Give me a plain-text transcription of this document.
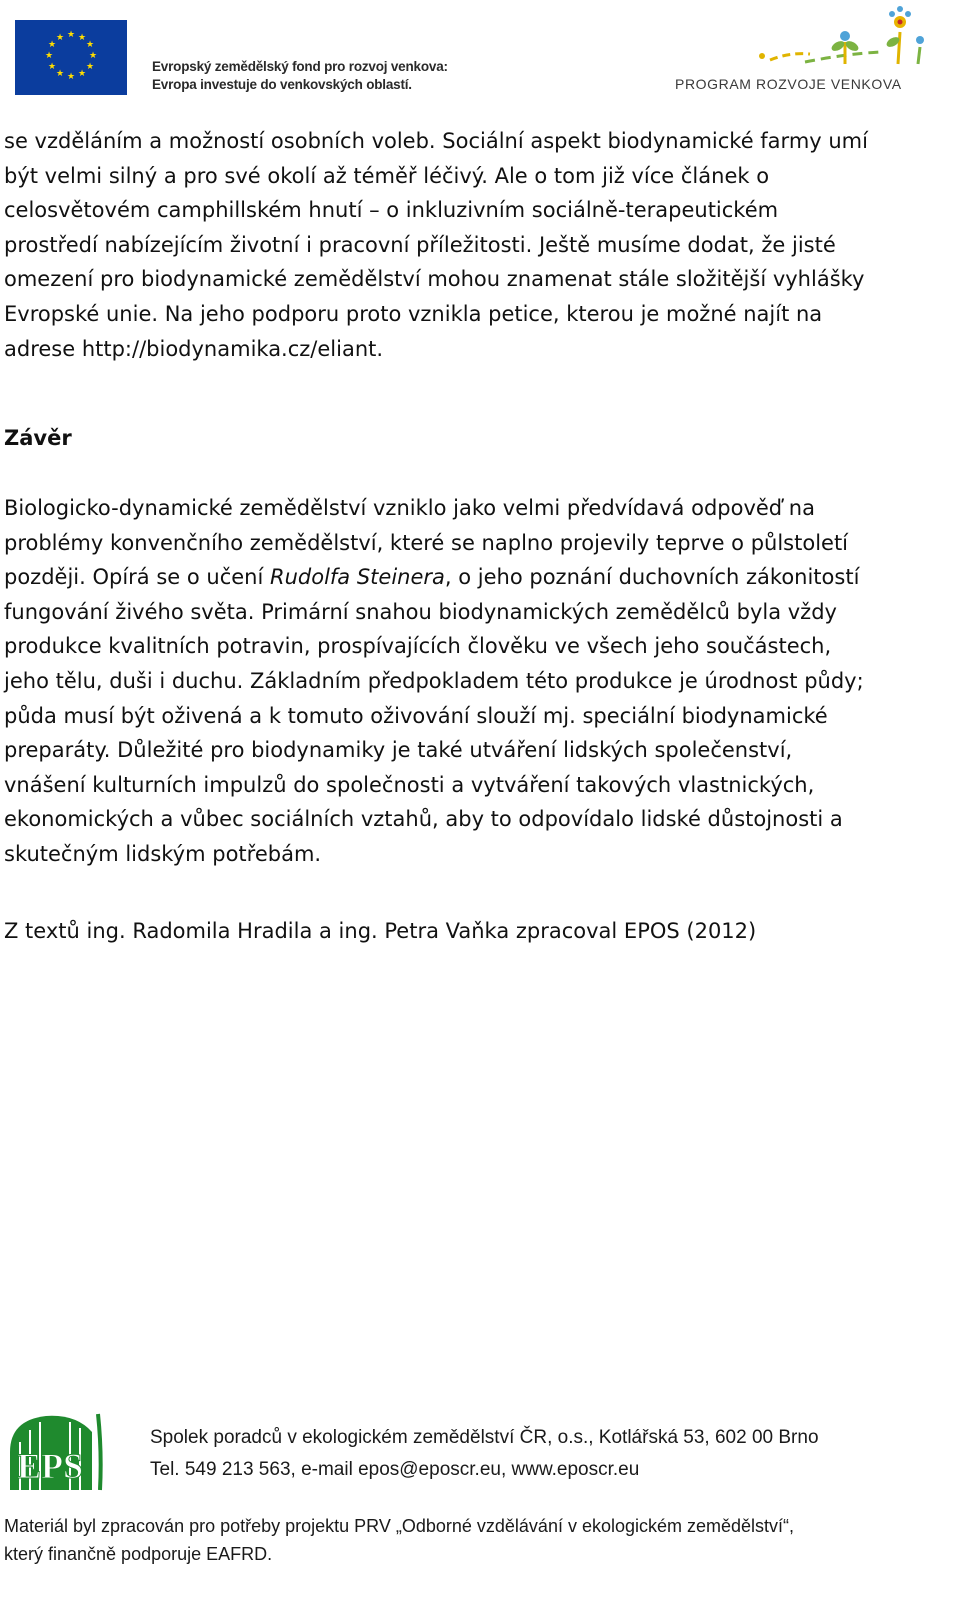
★ ★
★
★
★
★
★
★
★
★
★
★
Evropský zemědělský fond pro rozvoj venkova:
Evropa investuje do venkovských oblastí.	PROGRAM ROZVOJE VENKOVA

se vzděláním a možností osobních voleb. Sociální aspekt biodynamické farmy umí
být velmi silný a pro své okolí až téměř léčivý. Ale o tom již více článek o
celosvětovém camphillském hnutí – o inkluzivním sociálně-terapeutickém
prostředí nabízejícím životní i pracovní příležitosti. Ještě musíme dodat, že jisté
omezení pro biodynamické zemědělství mohou znamenat stále složitější vyhlášky
Evropské unie. Na jeho podporu proto vznikla petice, kterou je možné najít na
adrese http://biodynamika.cz/eliant.

Závěr

Biologicko-dynamické zemědělství vzniklo jako velmi předvídavá odpověď na
problémy konvenčního zemědělství, které se naplno projevily teprve o půlstoletí
později. Opírá se o učení Rudolfa Steinera, o jeho poznání duchovních zákonitostí
fungování živého světa. Primární snahou biodynamických zemědělců byla vždy
produkce kvalitních potravin, prospívajících člověku ve všech jeho součástech,
jeho tělu, duši i duchu. Základním předpokladem této produkce je úrodnost půdy;
půda musí být oživená a k tomuto oživování slouží mj. speciální biodynamické
preparáty. Důležité pro biodynamiky je také utváření lidských společenství,
vnášení kulturních impulzů do společnosti a vytváření takových vlastnických,
ekonomických a vůbec sociálních vztahů, aby to odpovídalo lidské důstojnosti a
skutečným lidským potřebám.

Z textů ing. Radomila Hradila a ing. Petra Vaňka zpracoval EPOS (2012)

EPS
Spolek poradců v ekologickém zemědělství ČR, o.s., Kotlářská 53, 602 00 Brno
Tel. 549 213 563, e-mail epos@eposcr.eu, www.eposcr.eu
Materiál byl zpracován pro potřeby projektu PRV „Odborné vzdělávání v ekologickém zemědělství“,
který finančně podporuje EAFRD.
